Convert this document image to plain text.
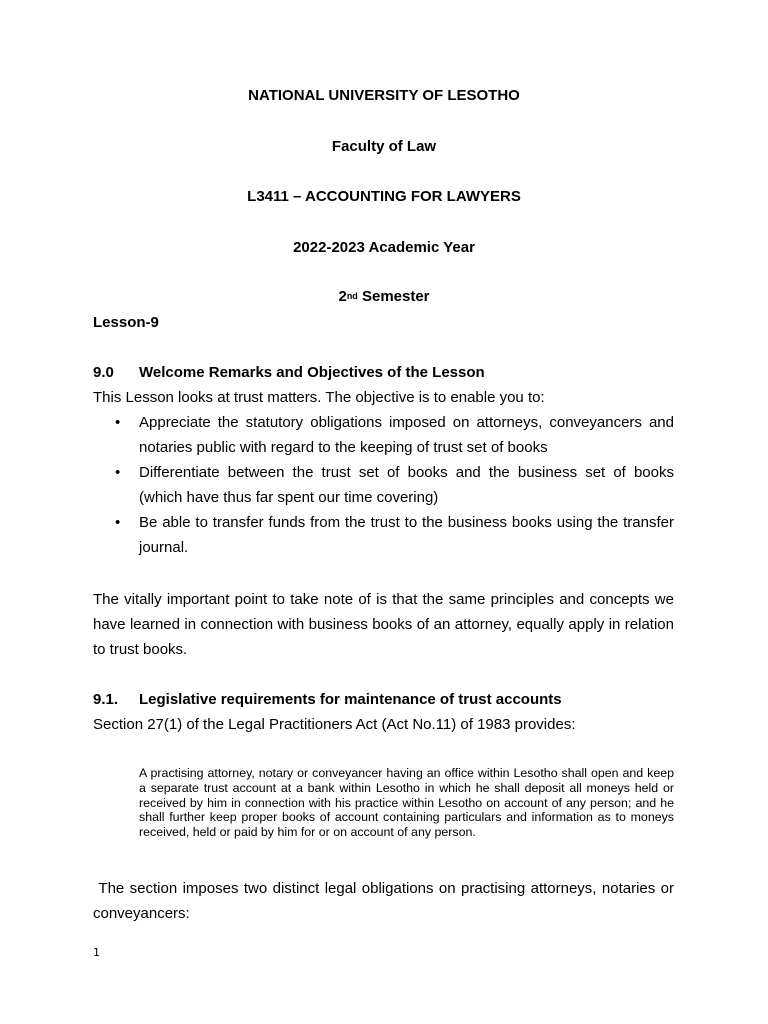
NATIONAL UNIVERSITY OF LESOTHO
Faculty of Law
L3411 – ACCOUNTING FOR LAWYERS
2022-2023 Academic Year
2nd Semester
Lesson-9
9.0 Welcome Remarks and Objectives of the Lesson
This Lesson looks at trust matters. The objective is to enable you to:
• Appreciate the statutory obligations imposed on attorneys, conveyancers and notaries public with regard to the keeping of trust set of books
• Differentiate between the trust set of books and the business set of books (which have thus far spent our time covering)
• Be able to transfer funds from the trust to the business books using the transfer journal.
The vitally important point to take note of is that the same principles and concepts we have learned in connection with business books of an attorney, equally apply in relation to trust books.
9.1. Legislative requirements for maintenance of trust accounts
Section 27(1) of the Legal Practitioners Act (Act No.11) of 1983 provides:
A practising attorney, notary or conveyancer having an office within Lesotho shall open and keep a separate trust account at a bank within Lesotho in which he shall deposit all moneys held or received by him in connection with his practice within Lesotho on account of any person; and he shall further keep proper books of account containing particulars and information as to moneys received, held or paid by him for or on account of any person.
The section imposes two distinct legal obligations on practising attorneys, notaries or conveyancers:
1
